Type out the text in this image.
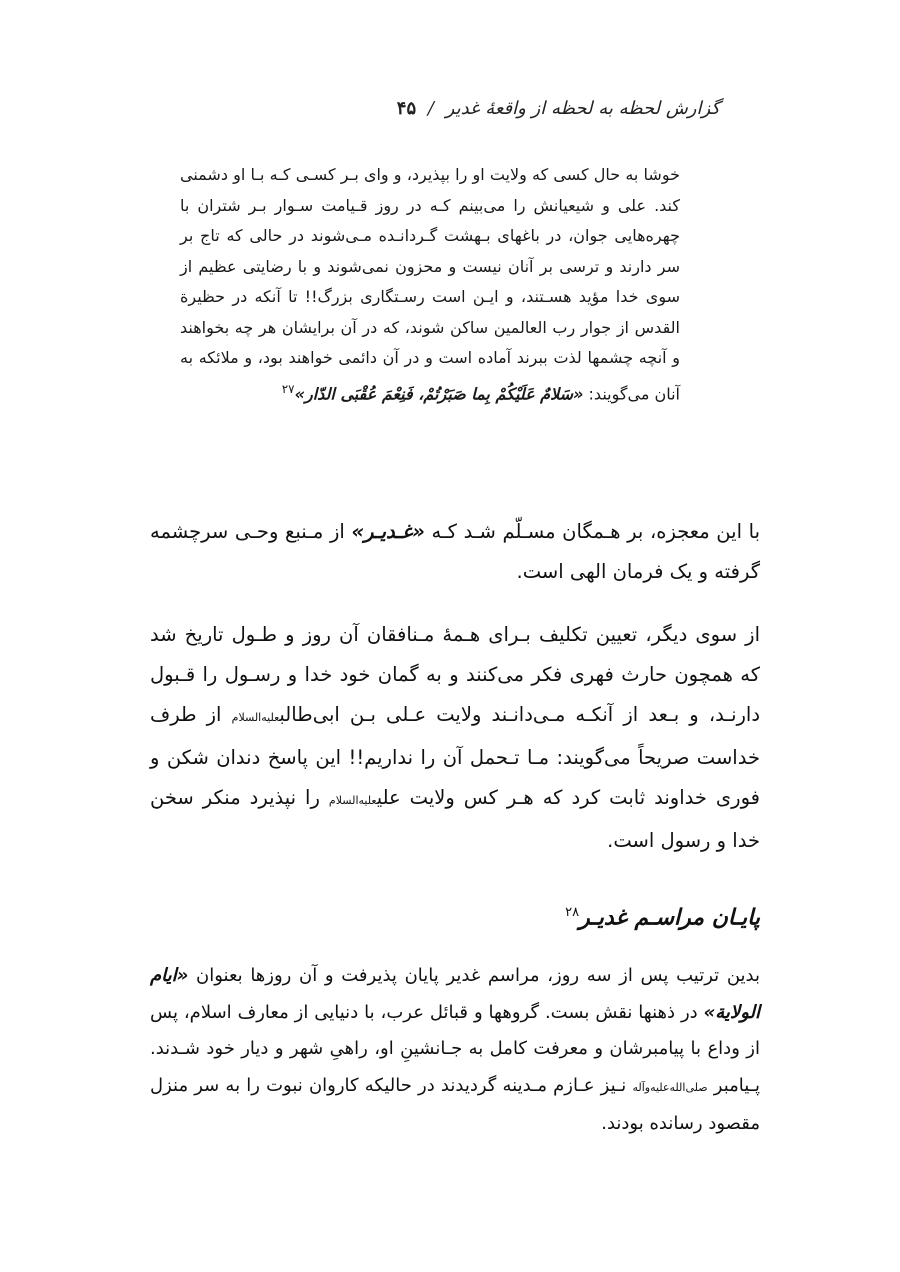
گزارش لحظه به لحظه از واقعهٔ غدیر / ۴۵
خوشا به حال کسی که ولایت او را بپذیرد، و وای بـر کسـی کـه بـا او دشمنی کند. علی و شیعیانش را می‌بینم کـه در روز قـیامت سـوار بـر شتران با چهره‌هایی جوان، در باغهای بـهشت گـردانـده مـی‌شوند در حالی که تاج بر سر دارند و ترسی بر آنان نیست و محزون نمی‌شوند و با رضایتی عظیم از سوی خدا مؤید هسـتند، و ایـن است رسـتگاری بزرگ!! تا آنکه در حظیرة القدس از جوار رب العالمین ساکن شوند، که در آن برایشان هر چه بخواهند و آنچه چشمها لذت ببرند آماده است و در آن دائمی خواهند بود، و ملائکه به آنان می‌گویند: «سَلامٌ عَلَيْكُمْ بِما صَبَرْتُمْ، فَنِعْمَ عُقْبَى الدّار»$^{۲۷}$
با این معجزه، بر هـمگان مسـلّم شـد کـه «غـدیـر» از مـنبع وحـی سرچشمه گرفته و یک فرمان الهی است.
از سوی دیگر، تعیین تکلیف بـرای هـمهٔ مـنافقان آن روز و طـول تاریخ شد که همچون حارث فهری فکر می‌کنند و به گمان خود خدا و رسـول را قـبول دارنـد، و بـعد از آنکـه مـی‌دانـند ولایت عـلی بـن ابی‌طالبعلیه‌السلام از طرف خداست صریحاً می‌گویند: مـا تـحمل آن را نداریم!! این پاسخ دندان شکن و فوری خداوند ثابت کرد که هـر کس ولایت علیعلیه‌السلام را نپذیرد منکر سخن خدا و رسول است.
پایـان مراسـم غدیـر$^{۲۸}$
بدین ترتیب پس از سه روز، مراسم غدیر پایان پذیرفت و آن روزها بعنوان «ایام الولایة» در ذهنها نقش بست. گروهها و قبائل عرب، با دنیایی از معارف اسلام، پس از وداع با پیامبرشان و معرفت کامل به جـانشینِ او، راهیِ شهر و دیار خود شـدند. پـیامبر صلی‌الله‌علیه‌وآله نـیز عـازم مـدینه گردیدند در حالیکه کاروان نبوت را به سر منزل مقصود رسانده بودند.
